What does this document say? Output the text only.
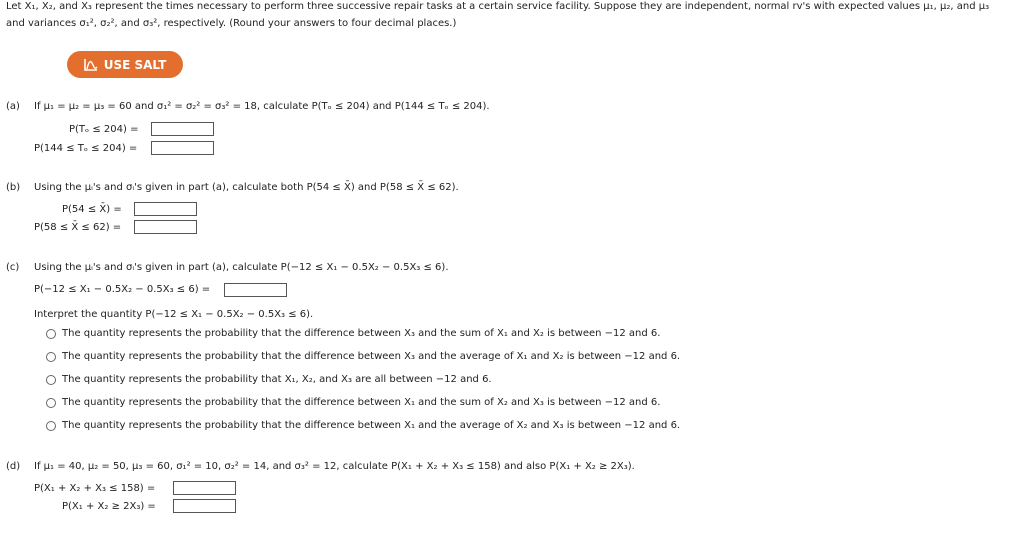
Let X₁, X₂, and X₃ represent the times necessary to perform three successive repair tasks at a certain service facility. Suppose they are independent, normal rv's with expected values μ₁, μ₂, and μ₃
and variances σ₁², σ₂², and σ₃², respectively. (Round your answers to four decimal places.)
USE SALT
(a) If μ₁ = μ₂ = μ₃ = 60 and σ₁² = σ₂² = σ₃² = 18, calculate P(Tₒ ≤ 204) and P(144 ≤ Tₒ ≤ 204).
P(Tₒ ≤ 204) =
P(144 ≤ Tₒ ≤ 204) =
(b) Using the μᵢ's and σᵢ's given in part (a), calculate both P(54 ≤ X̄) and P(58 ≤ X̄ ≤ 62).
P(54 ≤ X̄) =
P(58 ≤ X̄ ≤ 62) =
(c) Using the μᵢ's and σᵢ's given in part (a), calculate P(−12 ≤ X₁ − 0.5X₂ − 0.5X₃ ≤ 6).
P(−12 ≤ X₁ − 0.5X₂ − 0.5X₃ ≤ 6) =
Interpret the quantity P(−12 ≤ X₁ − 0.5X₂ − 0.5X₃ ≤ 6).
The quantity represents the probability that the difference between X₃ and the sum of X₁ and X₂ is between −12 and 6.
The quantity represents the probability that the difference between X₃ and the average of X₁ and X₂ is between −12 and 6.
The quantity represents the probability that X₁, X₂, and X₃ are all between −12 and 6.
The quantity represents the probability that the difference between X₁ and the sum of X₂ and X₃ is between −12 and 6.
The quantity represents the probability that the difference between X₁ and the average of X₂ and X₃ is between −12 and 6.
(d) If μ₁ = 40, μ₂ = 50, μ₃ = 60, σ₁² = 10, σ₂² = 14, and σ₃² = 12, calculate P(X₁ + X₂ + X₃ ≤ 158) and also P(X₁ + X₂ ≥ 2X₃).
P(X₁ + X₂ + X₃ ≤ 158) =
P(X₁ + X₂ ≥ 2X₃) =
